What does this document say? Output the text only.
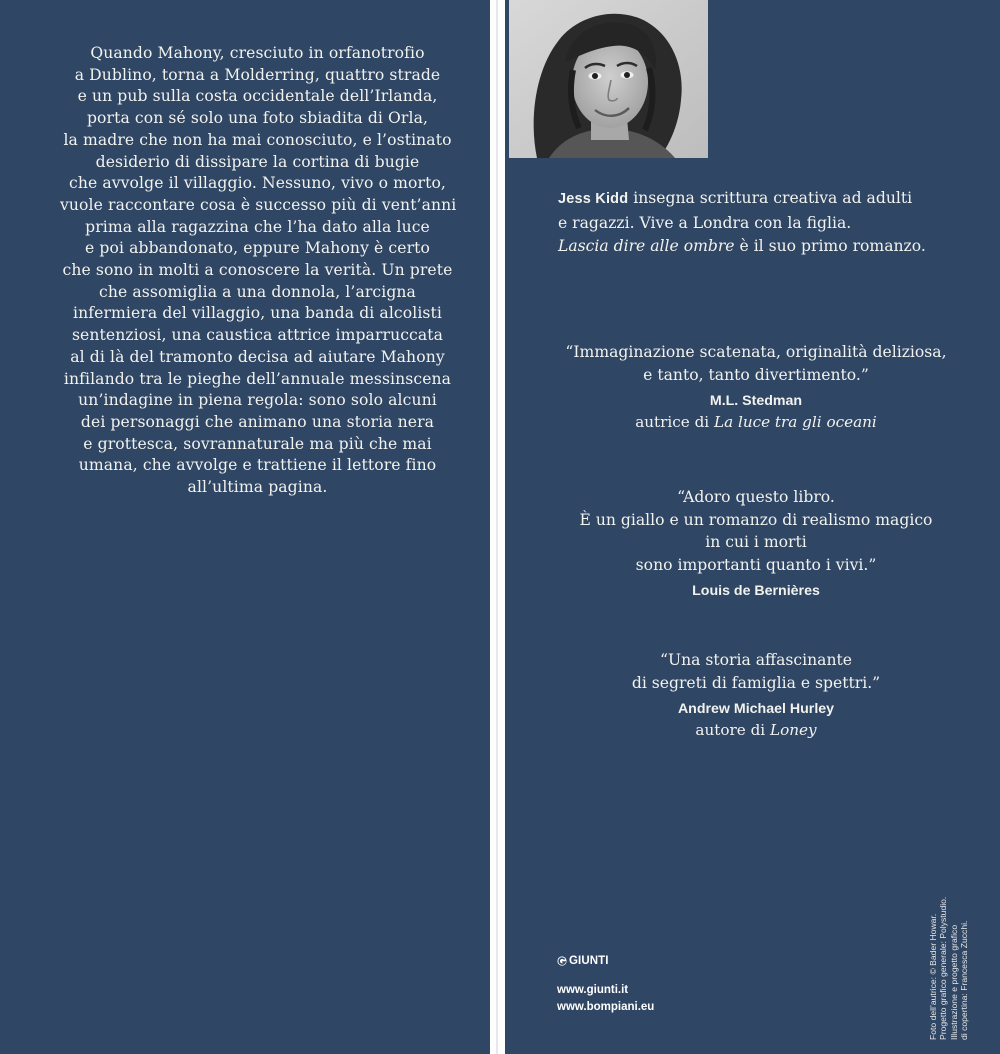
Quando Mahony, cresciuto in orfanotrofio
a Dublino, torna a Molderring, quattro strade
e un pub sulla costa occidentale dell’Irlanda,
porta con sé solo una foto sbiadita di Orla,
la madre che non ha mai conosciuto, e l’ostinato
desiderio di dissipare la cortina di bugie
che avvolge il villaggio. Nessuno, vivo o morto,
vuole raccontare cosa è successo più di vent’anni
prima alla ragazzina che l’ha dato alla luce
e poi abbandonato, eppure Mahony è certo
che sono in molti a conoscere la verità. Un prete
che assomiglia a una donnola, l’arcigna
infermiera del villaggio, una banda di alcolisti
sentenziosi, una caustica attrice imparruccata
al di là del tramonto decisa ad aiutare Mahony
infilando tra le pieghe dell’annuale messinscena
un’indagine in piena regola: sono solo alcuni
dei personaggi che animano una storia nera
e grottesca, sovrannaturale ma più che mai
umana, che avvolge e trattiene il lettore fino
all’ultima pagina.
Jess Kidd insegna scrittura creativa ad adulti
e ragazzi. Vive a Londra con la figlia.
Lascia dire alle ombre è il suo primo romanzo.

“Immaginazione scatenata, originalità deliziosa,
e tanto, tanto divertimento.”

M.L. Stedman

autrice di La luce tra gli oceani

“Adoro questo libro.
È un giallo e un romanzo di realismo magico
in cui i morti
sono importanti quanto i vivi.”

Louis de Bernières

“Una storia affascinante
di segreti di famiglia e spettri.”

Andrew Michael Hurley

autore di Loney

GIUNTI
www.giunti.it
www.bompiani.eu	Foto dell’autrice: © Bader Howar. Progetto grafico generale: Polystudio. Illustrazione e progetto grafico di copertina: Francesca Zucchi.
